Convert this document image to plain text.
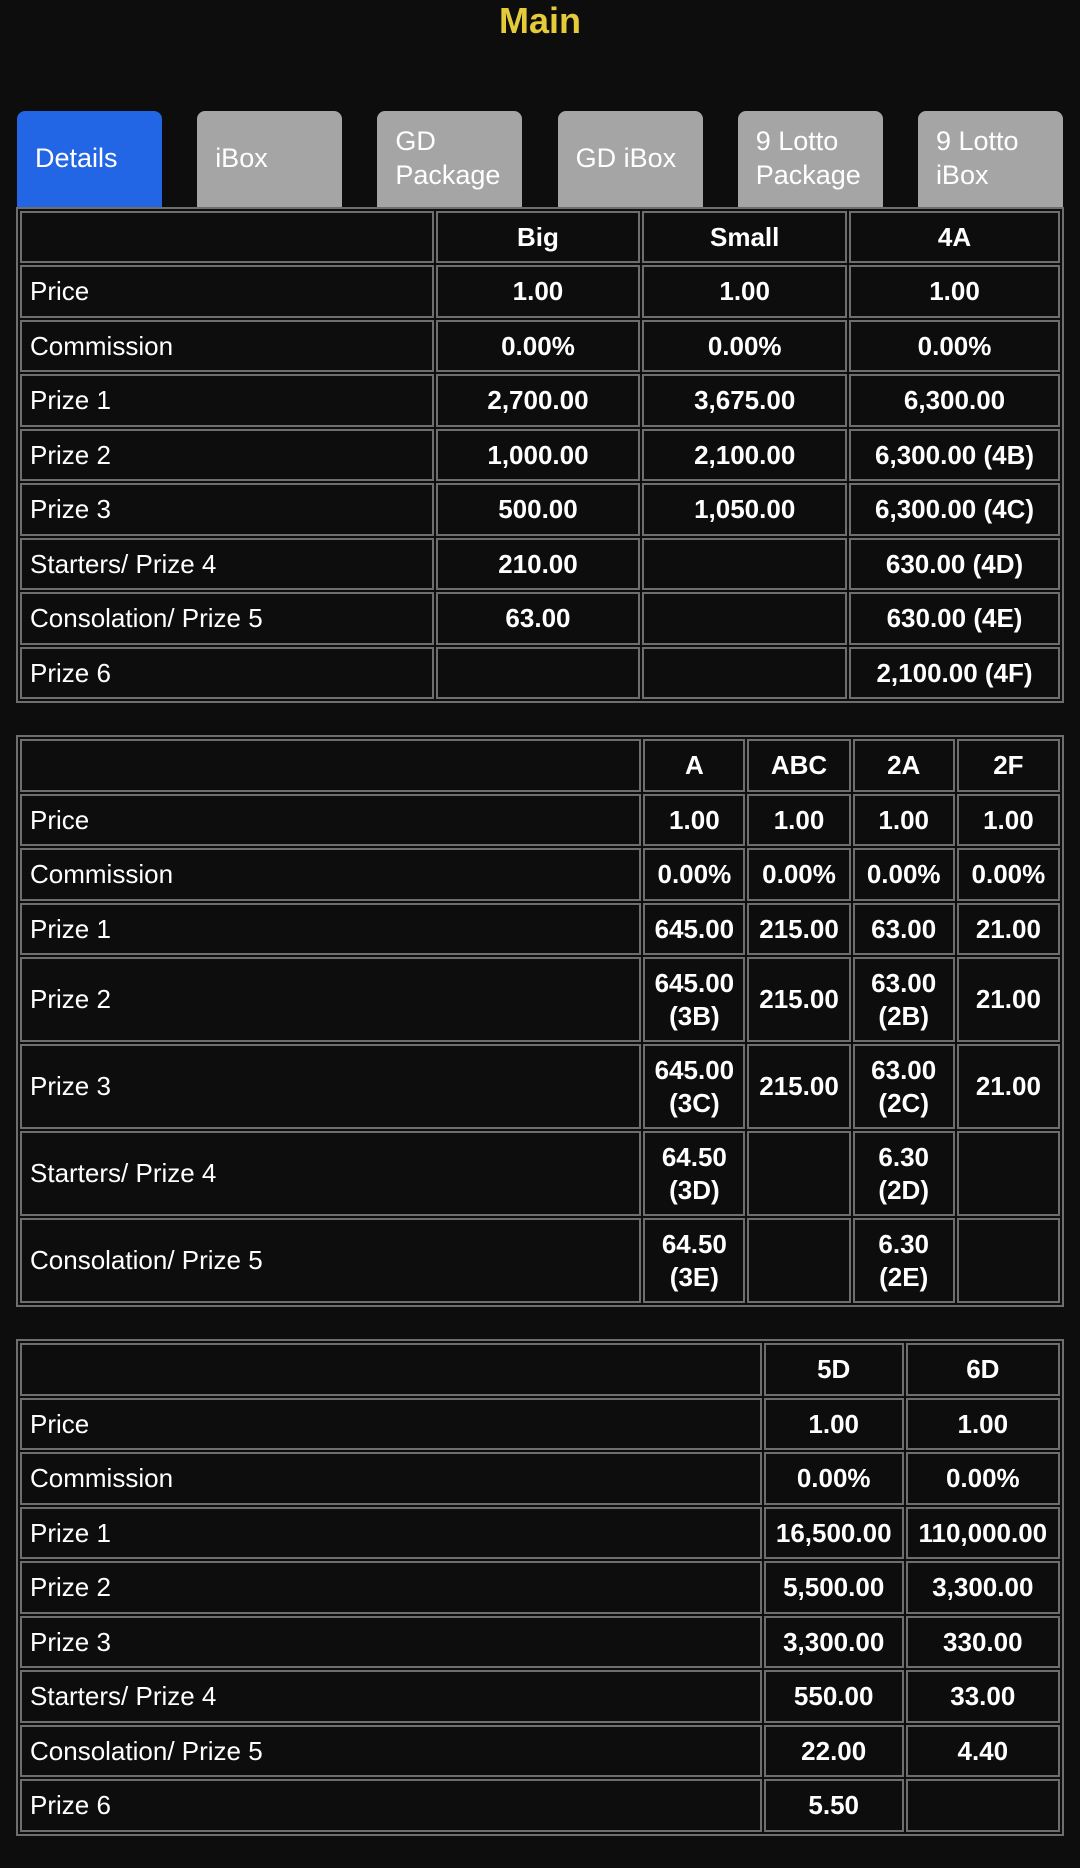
Main
Details	iBox
GD Package
GD iBox
9 Lotto Package
9 Lotto iBox
	Big	Small	4A
Price	1.00	1.00	1.00
Commission	0.00%	0.00%	0.00%
Prize 1	2,700.00	3,675.00	6,300.00
Prize 2	1,000.00	2,100.00	6,300.00 (4B)
Prize 3	500.00	1,050.00	6,300.00 (4C)
Starters/ Prize 4	210.00		630.00 (4D)
Consolation/ Prize 5	63.00		630.00 (4E)
Prize 6			2,100.00 (4F)
	A	ABC	2A	2F
Price	1.00	1.00	1.00	1.00
Commission	0.00%	0.00%	0.00%	0.00%
Prize 1	645.00	215.00	63.00	21.00
Prize 2	645.00 (3B)	215.00	63.00 (2B)	21.00
Prize 3	645.00 (3C)	215.00	63.00 (2C)	21.00
Starters/ Prize 4	64.50 (3D)		6.30 (2D)	
Consolation/ Prize 5	64.50 (3E)		6.30 (2E)	
	5D	6D
Price	1.00	1.00
Commission	0.00%	0.00%
Prize 1	16,500.00	110,000.00
Prize 2	5,500.00	3,300.00
Prize 3	3,300.00	330.00
Starters/ Prize 4	550.00	33.00
Consolation/ Prize 5	22.00	4.40
Prize 6	5.50	
